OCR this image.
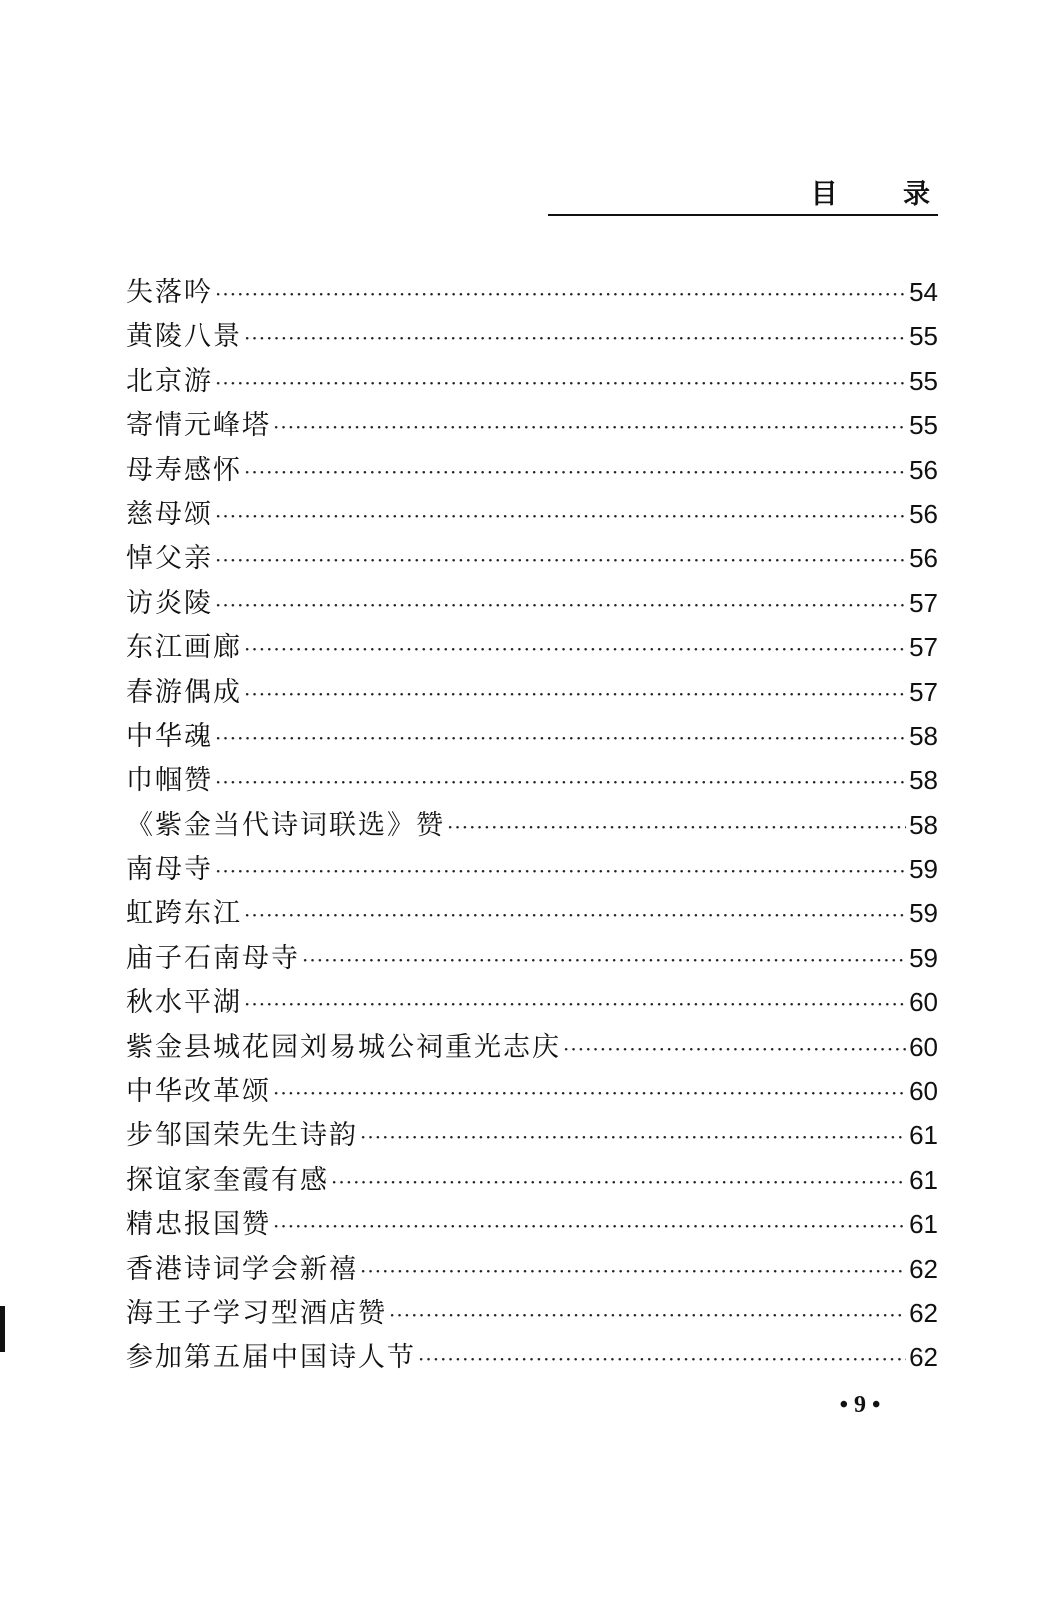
目 录
失落吟 ·····	54
黄陵八景 ·····	55
北京游 ·····	55
寄情元峰塔 ·····	55
母寿感怀 ·····	56
慈母颂 ·····	56
悼父亲 ·····	56
访炎陵 ·····	57
东江画廊 ·····	57
春游偶成 ·····	57
中华魂 ·····	58
巾帼赞 ·····	58
《紫金当代诗词联选》赞 ·····	58
南母寺 ·····	59
虹跨东江 ·····	59
庙子石南母寺 ·····	59
秋水平湖 ·····	60
紫金县城花园刘易城公祠重光志庆 ·····	60
中华改革颂 ·····	60
步邹国荣先生诗韵 ·····	61
探谊家奎霞有感 ·····	61
精忠报国赞 ·····	61
香港诗词学会新禧 ·····	62
海王子学习型酒店赞 ·····	62
参加第五届中国诗人节 ·····	62
• 9 •
